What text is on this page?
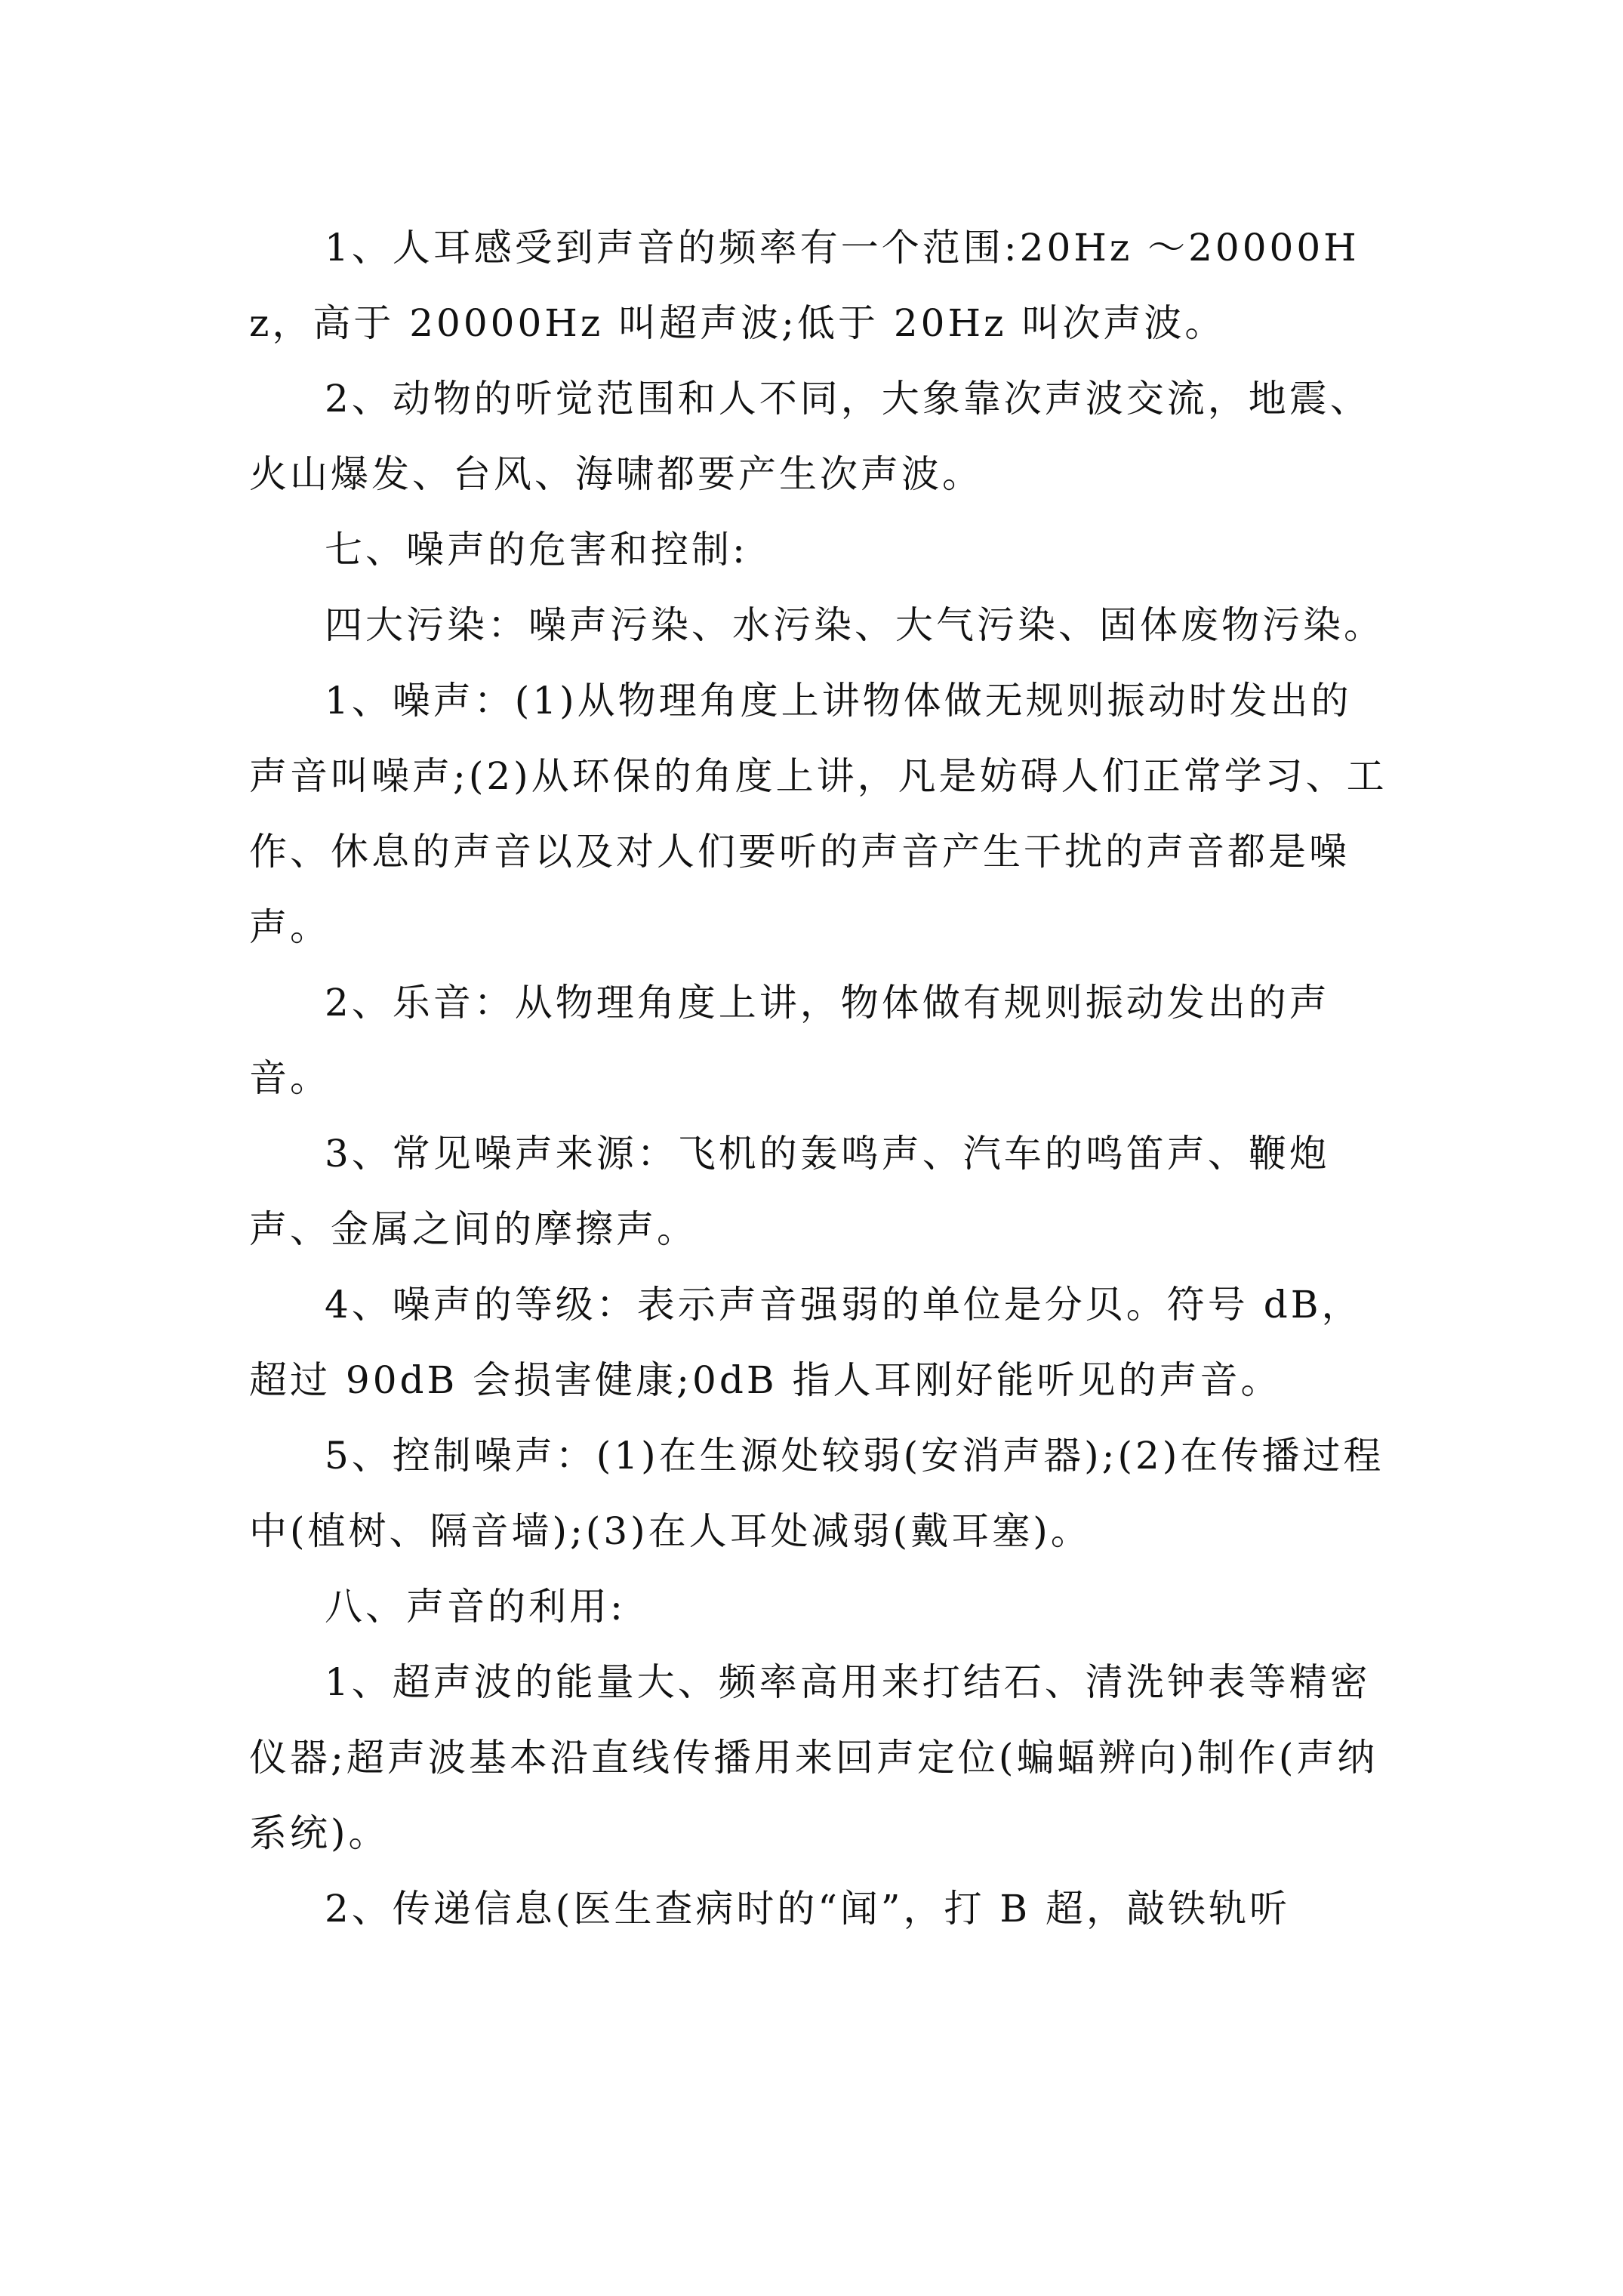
1、人耳感受到声音的频率有一个范围:20Hz ～20000Hz，高于 20000Hz 叫超声波;低于 20Hz 叫次声波。

2、动物的听觉范围和人不同，大象靠次声波交流，地震、火山爆发、台风、海啸都要产生次声波。

七、噪声的危害和控制:

四大污染：噪声污染、水污染、大气污染、固体废物污染。

1、噪声：(1)从物理角度上讲物体做无规则振动时发出的声音叫噪声;(2)从环保的角度上讲，凡是妨碍人们正常学习、工作、休息的声音以及对人们要听的声音产生干扰的声音都是噪声。

2、乐音：从物理角度上讲，物体做有规则振动发出的声音。

3、常见噪声来源：飞机的轰鸣声、汽车的鸣笛声、鞭炮声、金属之间的摩擦声。

4、噪声的等级：表示声音强弱的单位是分贝。符号 dB，超过 90dB 会损害健康;0dB 指人耳刚好能听见的声音。

5、控制噪声：(1)在生源处较弱(安消声器);(2)在传播过程中(植树、隔音墙);(3)在人耳处减弱(戴耳塞)。

八、声音的利用:

1、超声波的能量大、频率高用来打结石、清洗钟表等精密仪器;超声波基本沿直线传播用来回声定位(蝙蝠辨向)制作(声纳系统)。

2、传递信息(医生查病时的“闻”，打 B 超，敲铁轨听
